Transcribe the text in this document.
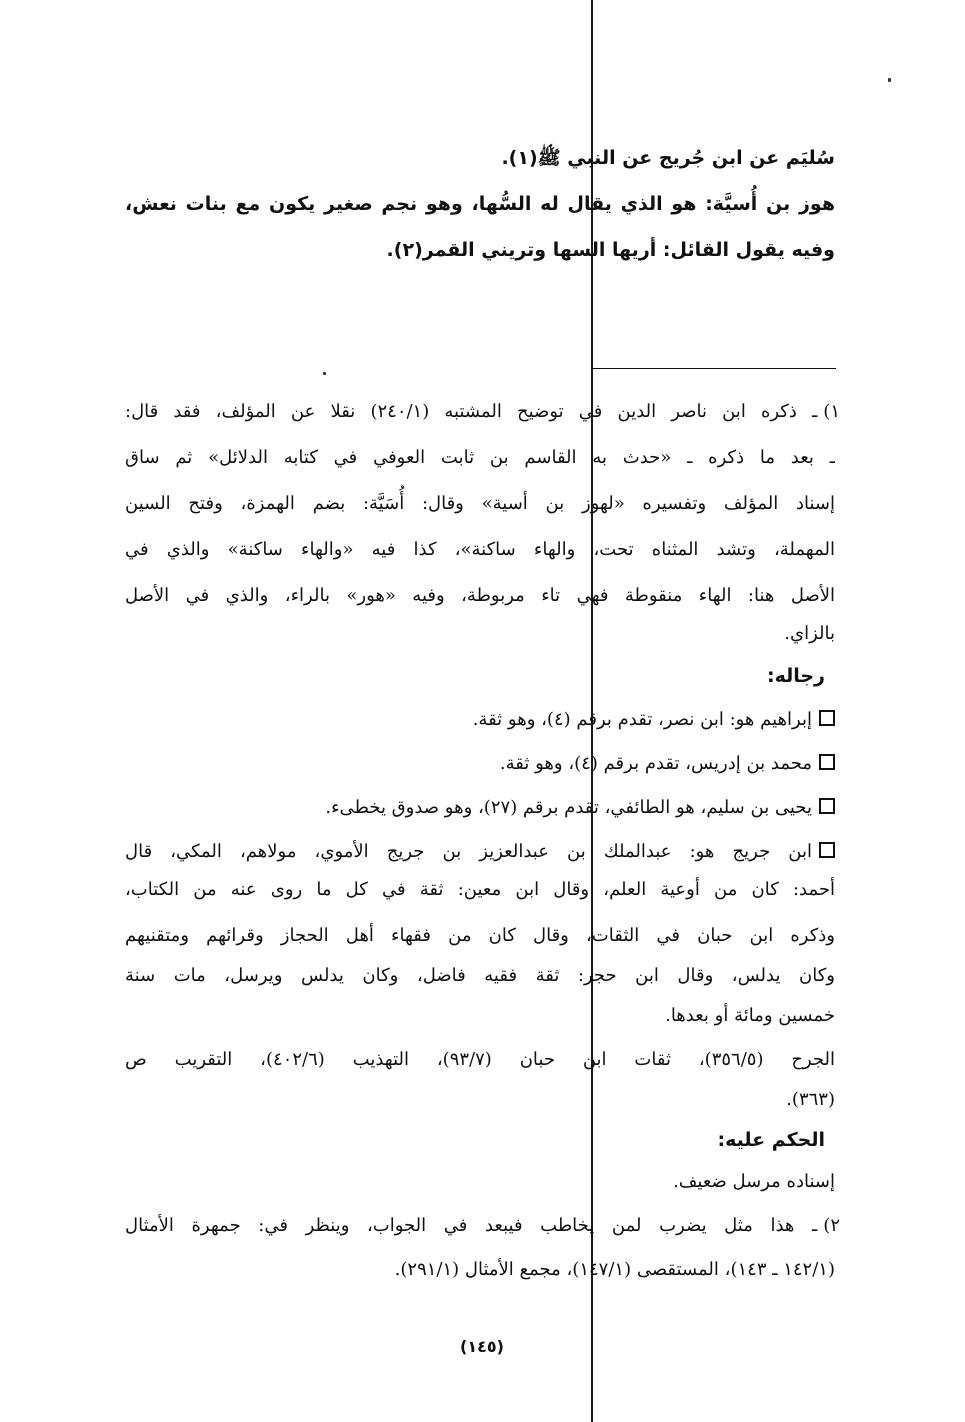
سُليَم عن ابن جُريج عن النبي ﷺ(١).
هوز بن أُسيَّة: هو الذي يقال له السُّها، وهو نجم صغير يكون مع بنات نعش،
وفيه يقول القائل: أريها السها وتريني القمر(٢).
١)ـ ذكره ابن ناصر الدين في توضيح المشتبه (٢٤٠/١) نقلا عن المؤلف، فقد قال:
ـ بعد ما ذكره ـ «حدث به القاسم بن ثابت العوفي في كتابه الدلائل» ثم ساق
إسناد المؤلف وتفسيره «لهوز بن أسية» وقال: أُسَيَّة: بضم الهمزة، وفتح السين
المهملة، وتشد المثناه تحت، والهاء ساكنة»، كذا فيه «والهاء ساكنة» والذي في
الأصل هنا: الهاء منقوطة فهي تاء مربوطة، وفيه «هور» بالراء، والذي في الأصل
بالزاي.
رجاله:
إبراهيم هو: ابن نصر، تقدم برقم (٤)، وهو ثقة.
محمد بن إدريس، تقدم برقم (٤)، وهو ثقة.
يحيى بن سليم، هو الطائفي، تقدم برقم (٢٧)، وهو صدوق يخطىء.
ابن جريج هو: عبدالملك بن عبدالعزيز بن جريج الأموي، مولاهم، المكي، قال
أحمد: كان من أوعية العلم، وقال ابن معين: ثقة في كل ما روى عنه من الكتاب،
وذكره ابن حبان في الثقات، وقال كان من فقهاء أهل الحجاز وقرائهم ومتقنيهم
وكان يدلس، وقال ابن حجر: ثقة فقيه فاضل، وكان يدلس ويرسل، مات سنة
خمسين ومائة أو بعدها.
الجرح (٣٥٦/٥)، ثقات ابن حبان (٩٣/٧)، التهذيب (٤٠٢/٦)، التقريب ص
(٣٦٣).
الحكم عليه:
إسناده مرسل ضعيف.
٢)ـ هذا مثل يضرب لمن يخاطب فيبعد في الجواب، وينظر في: جمهرة الأمثال
(١٤٢/١ ـ ١٤٣)، المستقصى (١٤٧/١)، مجمع الأمثال (٢٩١/١).
(١٤٥)
